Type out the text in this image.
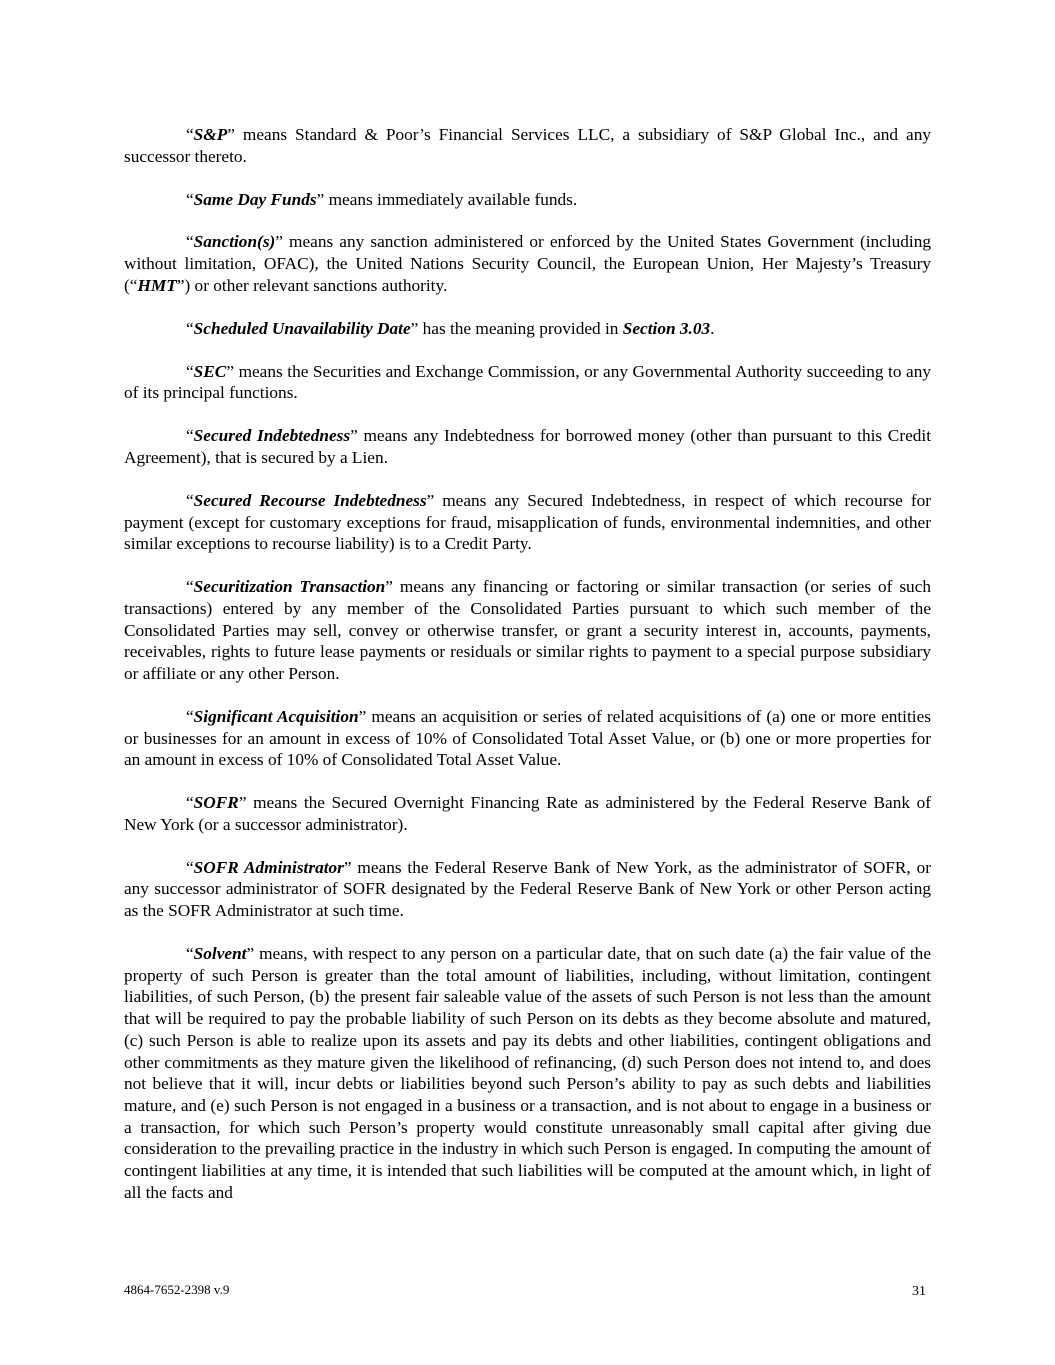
“S&P” means Standard & Poor’s Financial Services LLC, a subsidiary of S&P Global Inc., and any successor thereto.

“Same Day Funds” means immediately available funds.

“Sanction(s)” means any sanction administered or enforced by the United States Government (including without limitation, OFAC), the United Nations Security Council, the European Union, Her Majesty’s Treasury (“HMT”) or other relevant sanctions authority.

“Scheduled Unavailability Date” has the meaning provided in Section 3.03.

“SEC” means the Securities and Exchange Commission, or any Governmental Authority succeeding to any of its principal functions.

“Secured Indebtedness” means any Indebtedness for borrowed money (other than pursuant to this Credit Agreement), that is secured by a Lien.

“Secured Recourse Indebtedness” means any Secured Indebtedness, in respect of which recourse for payment (except for customary exceptions for fraud, misapplication of funds, environmental indemnities, and other similar exceptions to recourse liability) is to a Credit Party.

“Securitization Transaction” means any financing or factoring or similar transaction (or series of such transactions) entered by any member of the Consolidated Parties pursuant to which such member of the Consolidated Parties may sell, convey or otherwise transfer, or grant a security interest in, accounts, payments, receivables, rights to future lease payments or residuals or similar rights to payment to a special purpose subsidiary or affiliate or any other Person.

“Significant Acquisition” means an acquisition or series of related acquisitions of (a) one or more entities or businesses for an amount in excess of 10% of Consolidated Total Asset Value, or (b) one or more properties for an amount in excess of 10% of Consolidated Total Asset Value.

“SOFR” means the Secured Overnight Financing Rate as administered by the Federal Reserve Bank of New York (or a successor administrator).

“SOFR Administrator” means the Federal Reserve Bank of New York, as the administrator of SOFR, or any successor administrator of SOFR designated by the Federal Reserve Bank of New York or other Person acting as the SOFR Administrator at such time.

“Solvent” means, with respect to any person on a particular date, that on such date (a) the fair value of the property of such Person is greater than the total amount of liabilities, including, without limitation, contingent liabilities, of such Person, (b) the present fair saleable value of the assets of such Person is not less than the amount that will be required to pay the probable liability of such Person on its debts as they become absolute and matured, (c) such Person is able to realize upon its assets and pay its debts and other liabilities, contingent obligations and other commitments as they mature given the likelihood of refinancing, (d) such Person does not intend to, and does not believe that it will, incur debts or liabilities beyond such Person’s ability to pay as such debts and liabilities mature, and (e) such Person is not engaged in a business or a transaction, and is not about to engage in a business or a transaction, for which such Person’s property would constitute unreasonably small capital after giving due consideration to the prevailing practice in the industry in which such Person is engaged. In computing the amount of contingent liabilities at any time, it is intended that such liabilities will be computed at the amount which, in light of all the facts and

4864-7652-2398 v.9	31
